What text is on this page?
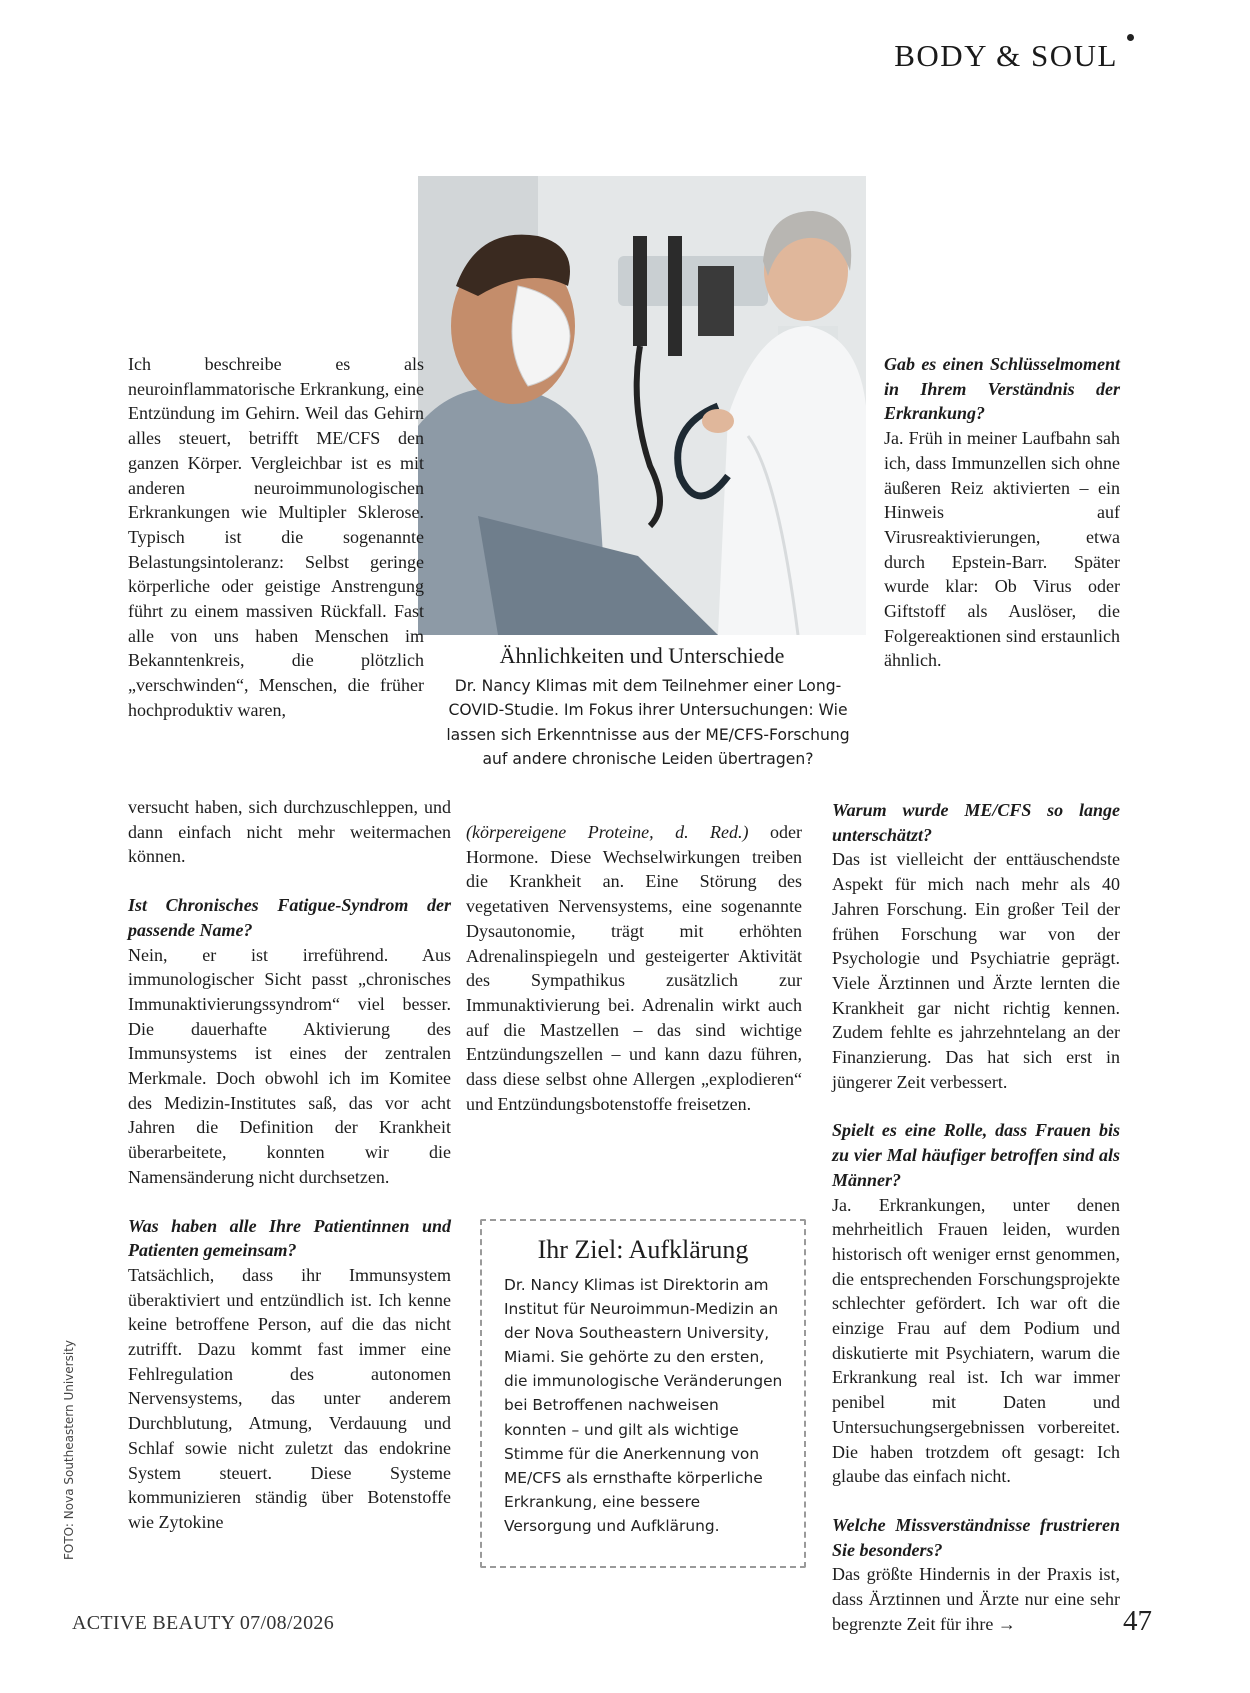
BODY & SOUL
Ähnlichkeiten und Unterschiede
Dr. Nancy Klimas mit dem Teilnehmer einer Long-COVID-Studie. Im Fokus ihrer Untersuchungen: Wie lassen sich Erkenntnisse aus der ME/CFS-Forschung auf andere chronische Leiden übertragen?

Ich beschreibe es als neuroinflammatorische Erkrankung, eine Entzündung im Gehirn. Weil das Gehirn alles steuert, betrifft ME/CFS den ganzen Körper. Vergleichbar ist es mit anderen neuroimmunologischen Erkrankungen wie Multipler Sklerose. Typisch ist die sogenannte Belastungsintoleranz: Selbst geringe körperliche oder geistige Anstrengung führt zu einem massiven Rückfall. Fast alle von uns haben Menschen im Bekanntenkreis, die plötzlich „verschwinden“, Menschen, die früher hochproduktiv waren,

versucht haben, sich durchzuschleppen, und dann einfach nicht mehr weitermachen können.

Ist Chronisches Fatigue-Syndrom der passende Name?

Nein, er ist irreführend. Aus immunologischer Sicht passt „chronisches Immunaktivierungssyndrom“ viel besser. Die dauerhafte Aktivierung des Immunsystems ist eines der zentralen Merkmale. Doch obwohl ich im Komitee des Medizin-Institutes saß, das vor acht Jahren die Definition der Krankheit überarbeitete, konnten wir die Namensänderung nicht durchsetzen.

Was haben alle Ihre Patientinnen und Patienten gemeinsam?

Tatsächlich, dass ihr Immunsystem überaktiviert und entzündlich ist. Ich kenne keine betroffene Person, auf die das nicht zutrifft. Dazu kommt fast immer eine Fehlregulation des autonomen Nervensystems, das unter anderem Durchblutung, Atmung, Verdauung und Schlaf sowie nicht zuletzt das endokrine System steuert. Diese Systeme kommunizieren ständig über Botenstoffe wie Zytokine

(körpereigene Proteine, d. Red.) oder Hormone. Diese Wechselwirkungen treiben die Krankheit an. Eine Störung des vegetativen Nervensystems, eine sogenannte Dysautonomie, trägt mit erhöhten Adrenalinspiegeln und gesteigerter Aktivität des Sympathikus zusätzlich zur Immunaktivierung bei. Adrenalin wirkt auch auf die Mastzellen – das sind wichtige Entzündungszellen – und kann dazu führen, dass diese selbst ohne Allergen „explodieren“ und Entzündungsbotenstoffe freisetzen.

Ihr Ziel: Aufklärung
Dr. Nancy Klimas ist Direktorin am Institut für Neuroimmun-Medizin an der Nova Southeastern University, Miami. Sie gehörte zu den ersten, die immunologische Veränderungen bei Betroffenen nachweisen konnten – und gilt als wichtige Stimme für die Anerkennung von ME/CFS als ernsthafte körperliche Erkrankung, eine bessere Versorgung und Aufklärung.

Gab es einen Schlüsselmoment in Ihrem Verständnis der Erkrankung?

Ja. Früh in meiner Laufbahn sah ich, dass Immunzellen sich ohne äußeren Reiz aktivierten – ein Hinweis auf Virusreaktivierungen, etwa durch Epstein-Barr. Später wurde klar: Ob Virus oder Giftstoff als Auslöser, die Folgereaktionen sind erstaunlich ähnlich.

Warum wurde ME/CFS so lange unterschätzt?

Das ist vielleicht der enttäuschendste Aspekt für mich nach mehr als 40 Jahren Forschung. Ein großer Teil der frühen Forschung war von der Psychologie und Psychiatrie geprägt. Viele Ärztinnen und Ärzte lernten die Krankheit gar nicht richtig kennen. Zudem fehlte es jahrzehntelang an der Finanzierung. Das hat sich erst in jüngerer Zeit verbessert.

Spielt es eine Rolle, dass Frauen bis zu vier Mal häufiger betroffen sind als Männer?

Ja. Erkrankungen, unter denen mehrheitlich Frauen leiden, wurden historisch oft weniger ernst genommen, die entsprechenden Forschungsprojekte schlechter gefördert. Ich war oft die einzige Frau auf dem Podium und diskutierte mit Psychiatern, warum die Erkrankung real ist. Ich war immer penibel mit Daten und Untersuchungsergebnissen vorbereitet. Die haben trotzdem oft gesagt: Ich glaube das einfach nicht.

Welche Missverständnisse frustrieren Sie besonders?

Das größte Hindernis in der Praxis ist, dass Ärztinnen und Ärzte nur eine sehr begrenzte Zeit für ihre →

FOTO: Nova Southeastern University
ACTIVE BEAUTY 07/08/2026	47
